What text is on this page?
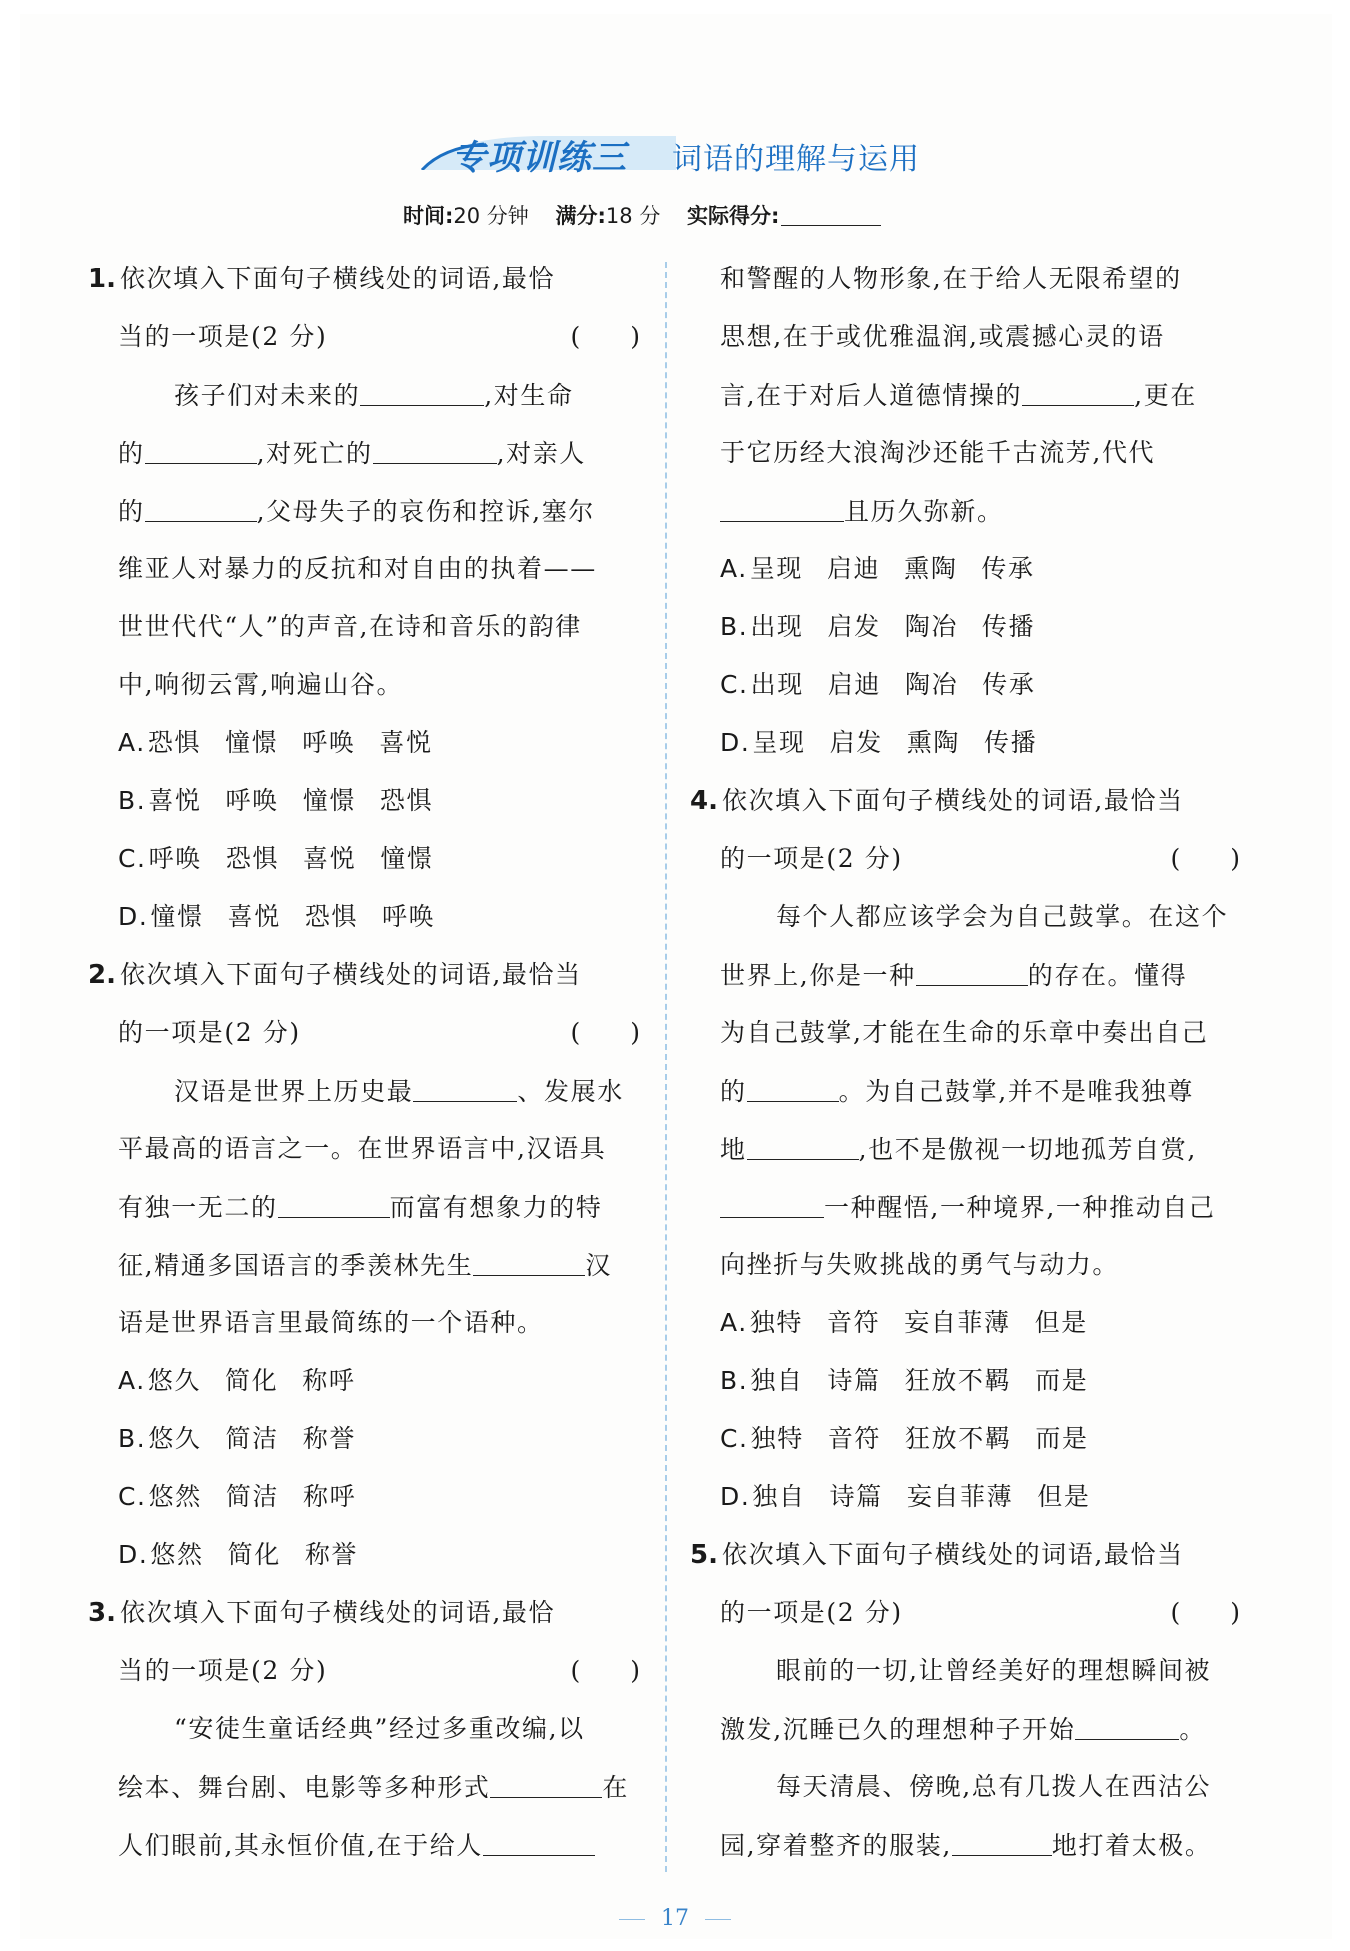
专项训练三 词语的理解与运用
时间:20 分钟 满分:18 分 实际得分:
1. 依次填入下面句子横线处的词语,最恰
当的一项是(2 分)	(　　)
孩子们对未来的	,对生命
的	,对死亡的	,对亲人
的	,父母失子的哀伤和控诉,塞尔
维亚人对暴力的反抗和对自由的执着——
世世代代“人”的声音,在诗和音乐的韵律
中,响彻云霄,响遍山谷。
A.恐惧 憧憬 呼唤 喜悦
B.喜悦 呼唤 憧憬 恐惧
C.呼唤 恐惧 喜悦 憧憬
D.憧憬 喜悦 恐惧 呼唤
2. 依次填入下面句子横线处的词语,最恰当
的一项是(2 分)	(　　)
汉语是世界上历史最	、发展水
平最高的语言之一。在世界语言中,汉语具
有独一无二的	而富有想象力的特
征,精通多国语言的季羡林先生	汉
语是世界语言里最简练的一个语种。
A.悠久 简化 称呼
B.悠久 简洁 称誉
C.悠然 简洁 称呼
D.悠然 简化 称誉
3. 依次填入下面句子横线处的词语,最恰
当的一项是(2 分)	(　　)
“安徒生童话经典”经过多重改编,以
绘本、舞台剧、电影等多种形式	在
人们眼前,其永恒价值,在于给人
和警醒的人物形象,在于给人无限希望的
思想,在于或优雅温润,或震撼心灵的语
言,在于对后人道德情操的	,更在
于它历经大浪淘沙还能千古流芳,代代
且历久弥新。
A.呈现 启迪 熏陶 传承
B.出现 启发 陶冶 传播
C.出现 启迪 陶冶 传承
D.呈现 启发 熏陶 传播
4. 依次填入下面句子横线处的词语,最恰当
的一项是(2 分)	(　　)
每个人都应该学会为自己鼓掌。在这个
世界上,你是一种	的存在。懂得
为自己鼓掌,才能在生命的乐章中奏出自己
的	。为自己鼓掌,并不是唯我独尊
地	,也不是傲视一切地孤芳自赏,
一种醒悟,一种境界,一种推动自己
向挫折与失败挑战的勇气与动力。
A.独特 音符 妄自菲薄 但是
B.独自 诗篇 狂放不羁 而是
C.独特 音符 狂放不羁 而是
D.独自 诗篇 妄自菲薄 但是
5. 依次填入下面句子横线处的词语,最恰当
的一项是(2 分)	(　　)
眼前的一切,让曾经美好的理想瞬间被
激发,沉睡已久的理想种子开始	。
每天清晨、傍晚,总有几拨人在西沽公
园,穿着整齐的服装,	地打着太极。
17
